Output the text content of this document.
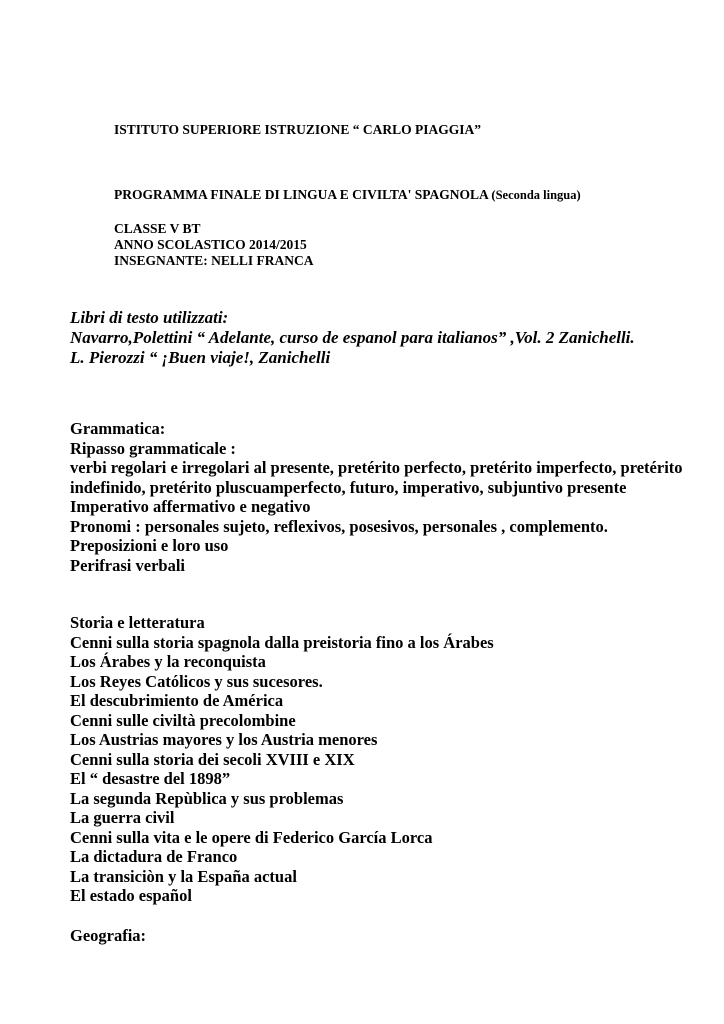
ISTITUTO SUPERIORE ISTRUZIONE “ CARLO PIAGGIA”
PROGRAMMA FINALE DI LINGUA E CIVILTA' SPAGNOLA (Seconda lingua)
CLASSE V BT
ANNO SCOLASTICO 2014/2015
INSEGNANTE: NELLI FRANCA
Libri di testo utilizzati:
Navarro,Polettini “ Adelante, curso de espanol para italianos” ,Vol. 2 Zanichelli.
L. Pierozzi “ ¡Buen viaje!, Zanichelli
Grammatica:
Ripasso grammaticale :
verbi regolari e irregolari al presente, pretérito perfecto, pretérito imperfecto, pretérito indefinido, pretérito pluscuamperfecto, futuro, imperativo, subjuntivo presente
Imperativo affermativo e negativo
Pronomi : personales sujeto, reflexivos, posesivos, personales , complemento.
Preposizioni e loro uso
Perifrasi verbali
Storia e letteratura
Cenni sulla storia spagnola dalla preistoria fino a los Árabes
Los Árabes y la reconquista
Los Reyes Católicos y sus sucesores.
El descubrimiento de América
Cenni sulle civiltà precolombine
Los Austrias mayores y los Austria menores
Cenni sulla storia dei secoli XVIII e XIX
El “ desastre del 1898”
La segunda Repùblica y sus problemas
La guerra civil
Cenni sulla vita e le opere di Federico García Lorca
La dictadura de Franco
La transiciòn y la España actual
El estado español
Geografia:
